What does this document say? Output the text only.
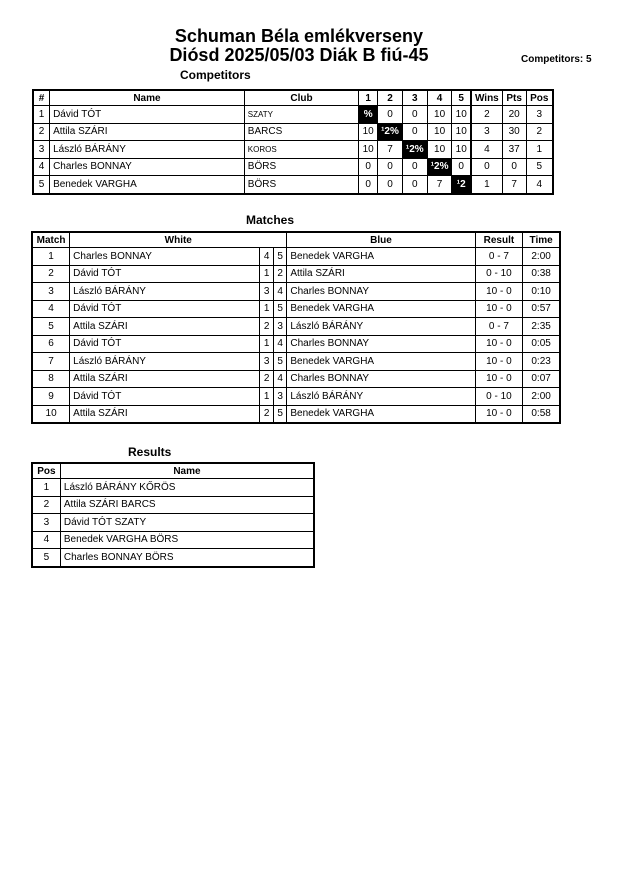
Schuman Béla emlékverseny
Diósd 2025/05/03 Diák B fiú-45	Competitors: 5
Competitors
#	Name	Club	1	2	3	4	5	Wins	Pts	Pos
1	Dávid TÓT	SZATY	%	0	0	10	10	2	20	3
2	Attila SZÁRI	BARCS	10	¹2%	0	10	10	3	30	2
3	László BÁRÁNY	KOROS	10	7	¹2%	10	10	4	37	1
4	Charles BONNAY	BÖRS	0	0	0	¹2%	0	0	0	5
5	Benedek VARGHA	BÖRS	0	0	0	7	¹2	1	7	4
Matches
Match	White			Blue	Result	Time
1	Charles BONNAY	4	5	Benedek VARGHA	0 - 7	2:00
2	Dávid TÓT	1	2	Attila SZÁRI	0 - 10	0:38
3	László BÁRÁNY	3	4	Charles BONNAY	10 - 0	0:10
4	Dávid TÓT	1	5	Benedek VARGHA	10 - 0	0:57
5	Attila SZÁRI	2	3	László BÁRÁNY	0 - 7	2:35
6	Dávid TÓT	1	4	Charles BONNAY	10 - 0	0:05
7	László BÁRÁNY	3	5	Benedek VARGHA	10 - 0	0:23
8	Attila SZÁRI	2	4	Charles BONNAY	10 - 0	0:07
9	Dávid TÓT	1	3	László BÁRÁNY	0 - 10	2:00
10	Attila SZÁRI	2	5	Benedek VARGHA	10 - 0	0:58
Results
Pos	Name
1	László BÁRÁNY KŐRÖS
2	Attila SZÁRI BARCS
3	Dávid TÓT SZATY
4	Benedek VARGHA BÖRS
5	Charles BONNAY BÖRS
